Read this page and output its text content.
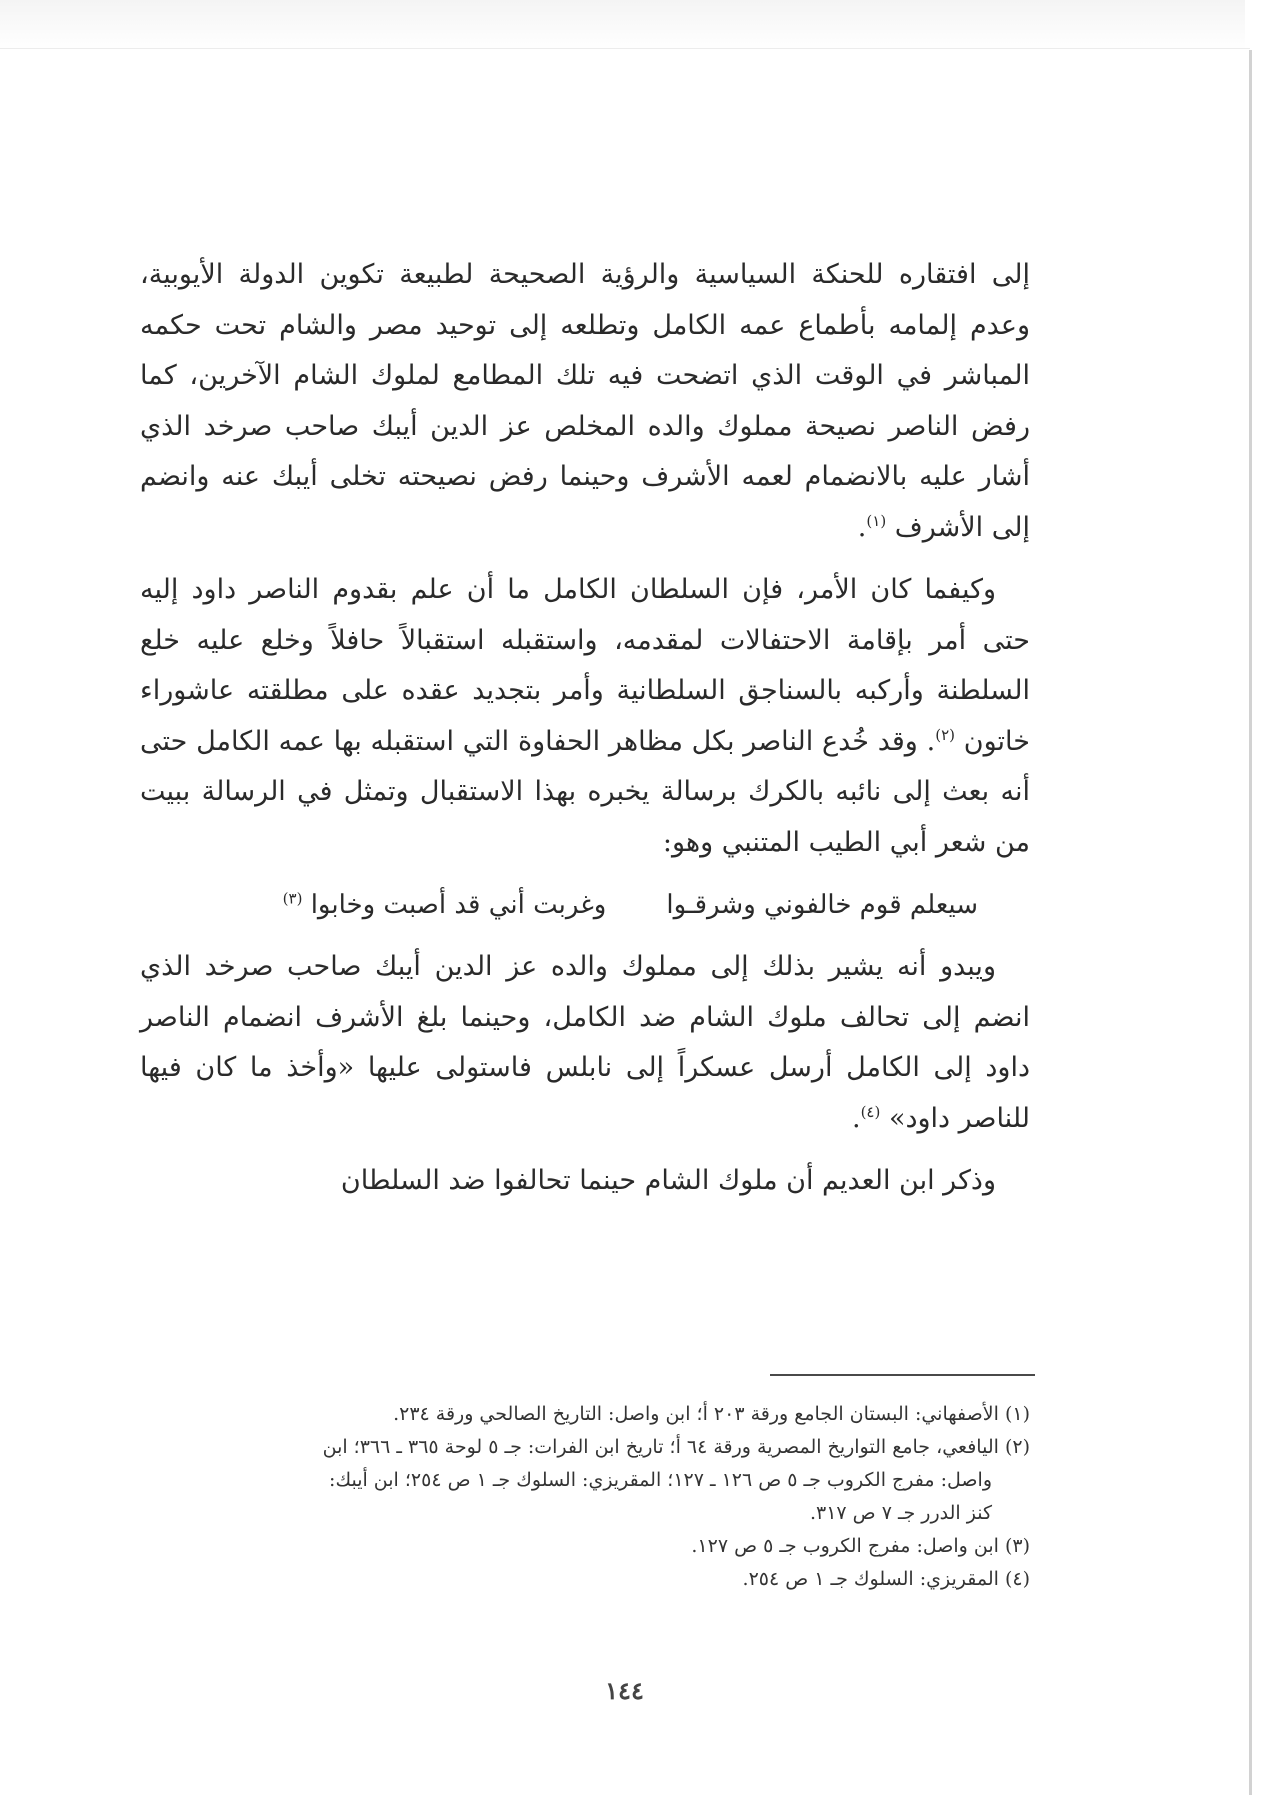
إلى افتقاره للحنكة السياسية والرؤية الصحيحة لطبيعة تكوين الدولة الأيوبية، وعدم إلمامه بأطماع عمه الكامل وتطلعه إلى توحيد مصر والشام تحت حكمه المباشر في الوقت الذي اتضحت فيه تلك المطامع لملوك الشام الآخرين، كما رفض الناصر نصيحة مملوك والده المخلص عز الدين أيبك صاحب صرخد الذي أشار عليه بالانضمام لعمه الأشرف وحينما رفض نصيحته تخلى أيبك عنه وانضم إلى الأشرف $^{(١)}$.

وكيفما كان الأمر، فإن السلطان الكامل ما أن علم بقدوم الناصر داود إليه حتى أمر بإقامة الاحتفالات لمقدمه، واستقبله استقبالاً حافلاً وخلع عليه خلع السلطنة وأركبه بالسناجق السلطانية وأمر بتجديد عقده على مطلقته عاشوراء خاتون $^{(٢)}$. وقد خُدع الناصر بكل مظاهر الحفاوة التي استقبله بها عمه الكامل حتى أنه بعث إلى نائبه بالكرك برسالة يخبره بهذا الاستقبال وتمثل في الرسالة ببيت من شعر أبي الطيب المتنبي وهو:

سيعلم قوم خالفوني وشرقـوا
وغربت أني قد أصبت وخابوا $^{(٣)}$

ويبدو أنه يشير بذلك إلى مملوك والده عز الدين أيبك صاحب صرخد الذي انضم إلى تحالف ملوك الشام ضد الكامل، وحينما بلغ الأشرف انضمام الناصر داود إلى الكامل أرسل عسكراً إلى نابلس فاستولى عليها «وأخذ ما كان فيها للناصر داود» $^{(٤)}$.

وذكر ابن العديم أن ملوك الشام حينما تحالفوا ضد السلطان

(١) الأصفهاني: البستان الجامع ورقة ٢٠٣ أ؛ ابن واصل: التاريخ الصالحي ورقة ٢٣٤.

(٢) اليافعي، جامع التواريخ المصرية ورقة ٦٤ أ؛ تاريخ ابن الفرات: جـ ٥ لوحة ٣٦٥ ـ ٣٦٦؛ ابن
واصل: مفرج الكروب جـ ٥ ص ١٢٦ ـ ١٢٧؛ المقريزي: السلوك جـ ١ ص ٢٥٤؛ ابن أيبك:
كنز الدرر جـ ٧ ص ٣١٧.

(٣) ابن واصل: مفرج الكروب جـ ٥ ص ١٢٧.

(٤) المقريزي: السلوك جـ ١ ص ٢٥٤.

١٤٤
